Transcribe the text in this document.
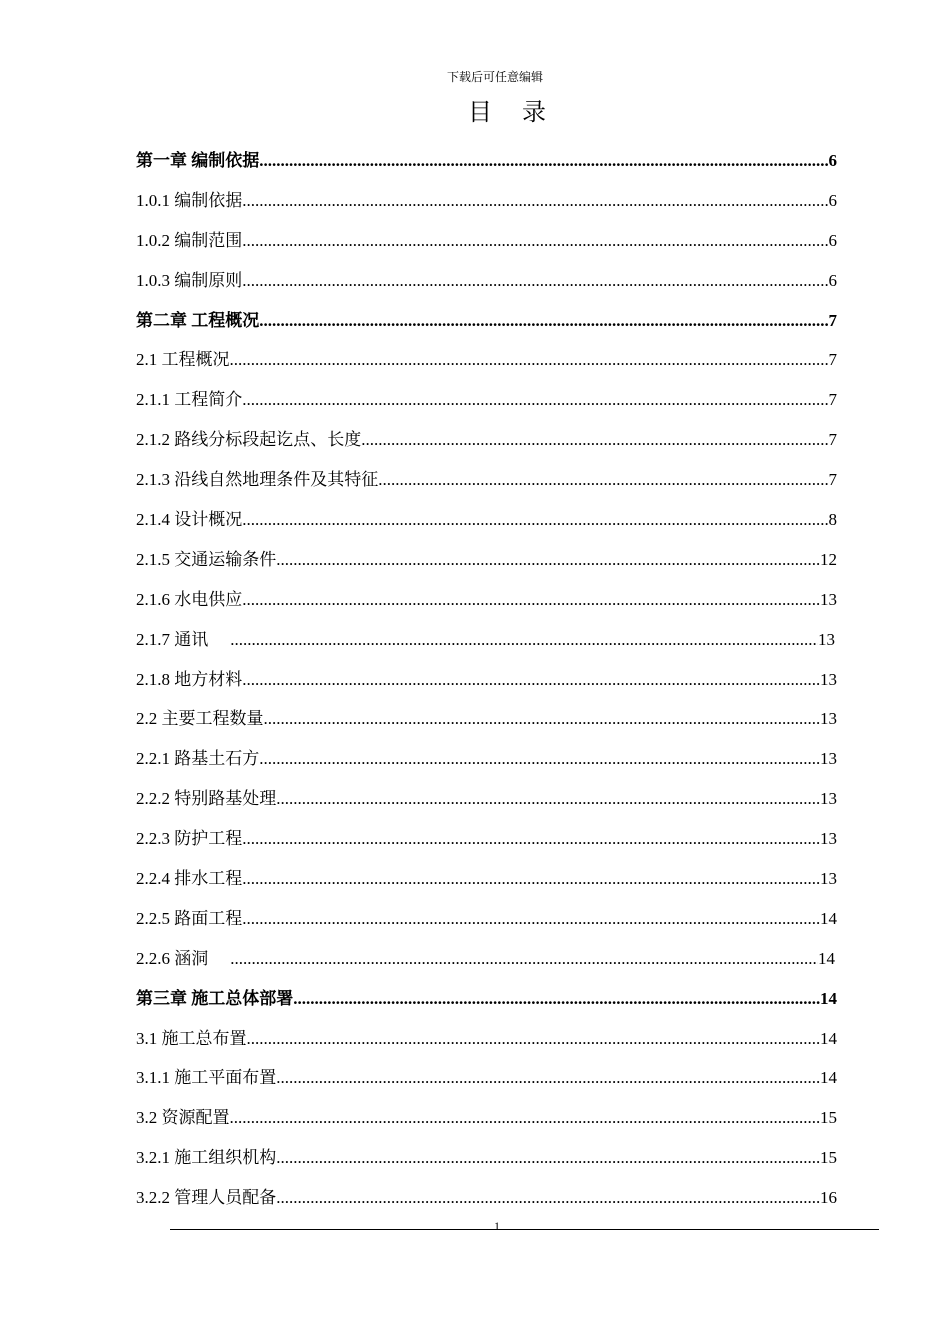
下载后可任意编辑
目 录
第一章 编制依据 .....	6
1.0.1 编制依据 .....	6
1.0.2 编制范围 .....	6
1.0.3 编制原则 .....	6
第二章 工程概况 .....	7
2.1 工程概况 .....	7
2.1.1 工程简介 .....	7
2.1.2 路线分标段起讫点、长度 .....	7
2.1.3 沿线自然地理条件及其特征 .....	7
2.1.4 设计概况 .....	8
2.1.5 交通运输条件 .....	12
2.1.6 水电供应 .....	13
2.1.7 通讯 .....	13
2.1.8 地方材料 .....	13
2.2 主要工程数量 .....	13
2.2.1 路基土石方 .....	13
2.2.2 特别路基处理 .....	13
2.2.3 防护工程 .....	13
2.2.4 排水工程 .....	13
2.2.5 路面工程 .....	14
2.2.6 涵洞 .....	14
第三章 施工总体部署 .....	14
3.1 施工总布置 .....	14
3.1.1 施工平面布置 .....	14
3.2 资源配置 .....	15
3.2.1 施工组织机构 .....	15
3.2.2 管理人员配备 .....	16
1
